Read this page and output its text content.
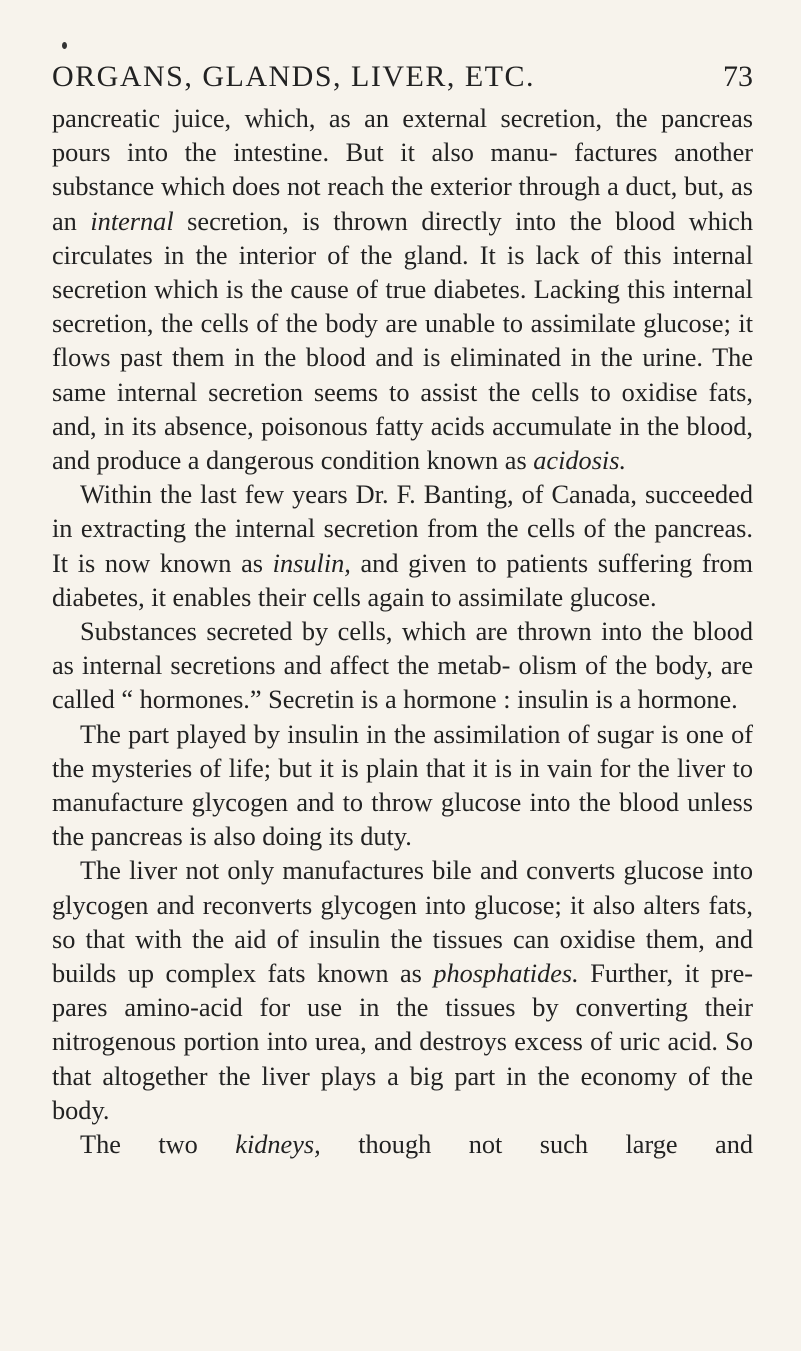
ORGANS, GLANDS, LIVER, ETC.	73

pancreatic juice, which, as an external secretion, the pancreas pours into the intestine. But it also manu- factures another substance which does not reach the exterior through a duct, but, as an internal secretion, is thrown directly into the blood which circulates in the interior of the gland. It is lack of this internal secretion which is the cause of true diabetes. Lacking this internal secretion, the cells of the body are unable to assimilate glucose; it flows past them in the blood and is eliminated in the urine. The same internal secretion seems to assist the cells to oxidise fats, and, in its absence, poisonous fatty acids accumulate in the blood, and produce a dangerous condition known as acidosis.

Within the last few years Dr. F. Banting, of Canada, succeeded in extracting the internal secretion from the cells of the pancreas. It is now known as insulin, and given to patients suffering from diabetes, it enables their cells again to assimilate glucose.

Substances secreted by cells, which are thrown into the blood as internal secretions and affect the metab- olism of the body, are called “ hormones.” Secretin is a hormone : insulin is a hormone.

The part played by insulin in the assimilation of sugar is one of the mysteries of life; but it is plain that it is in vain for the liver to manufacture glycogen and to throw glucose into the blood unless the pancreas is also doing its duty.

The liver not only manufactures bile and converts glucose into glycogen and reconverts glycogen into glucose; it also alters fats, so that with the aid of insulin the tissues can oxidise them, and builds up complex fats known as phosphatides. Further, it pre- pares amino-acid for use in the tissues by converting their nitrogenous portion into urea, and destroys excess of uric acid. So that altogether the liver plays a big part in the economy of the body.

The two kidneys, though not such large and
